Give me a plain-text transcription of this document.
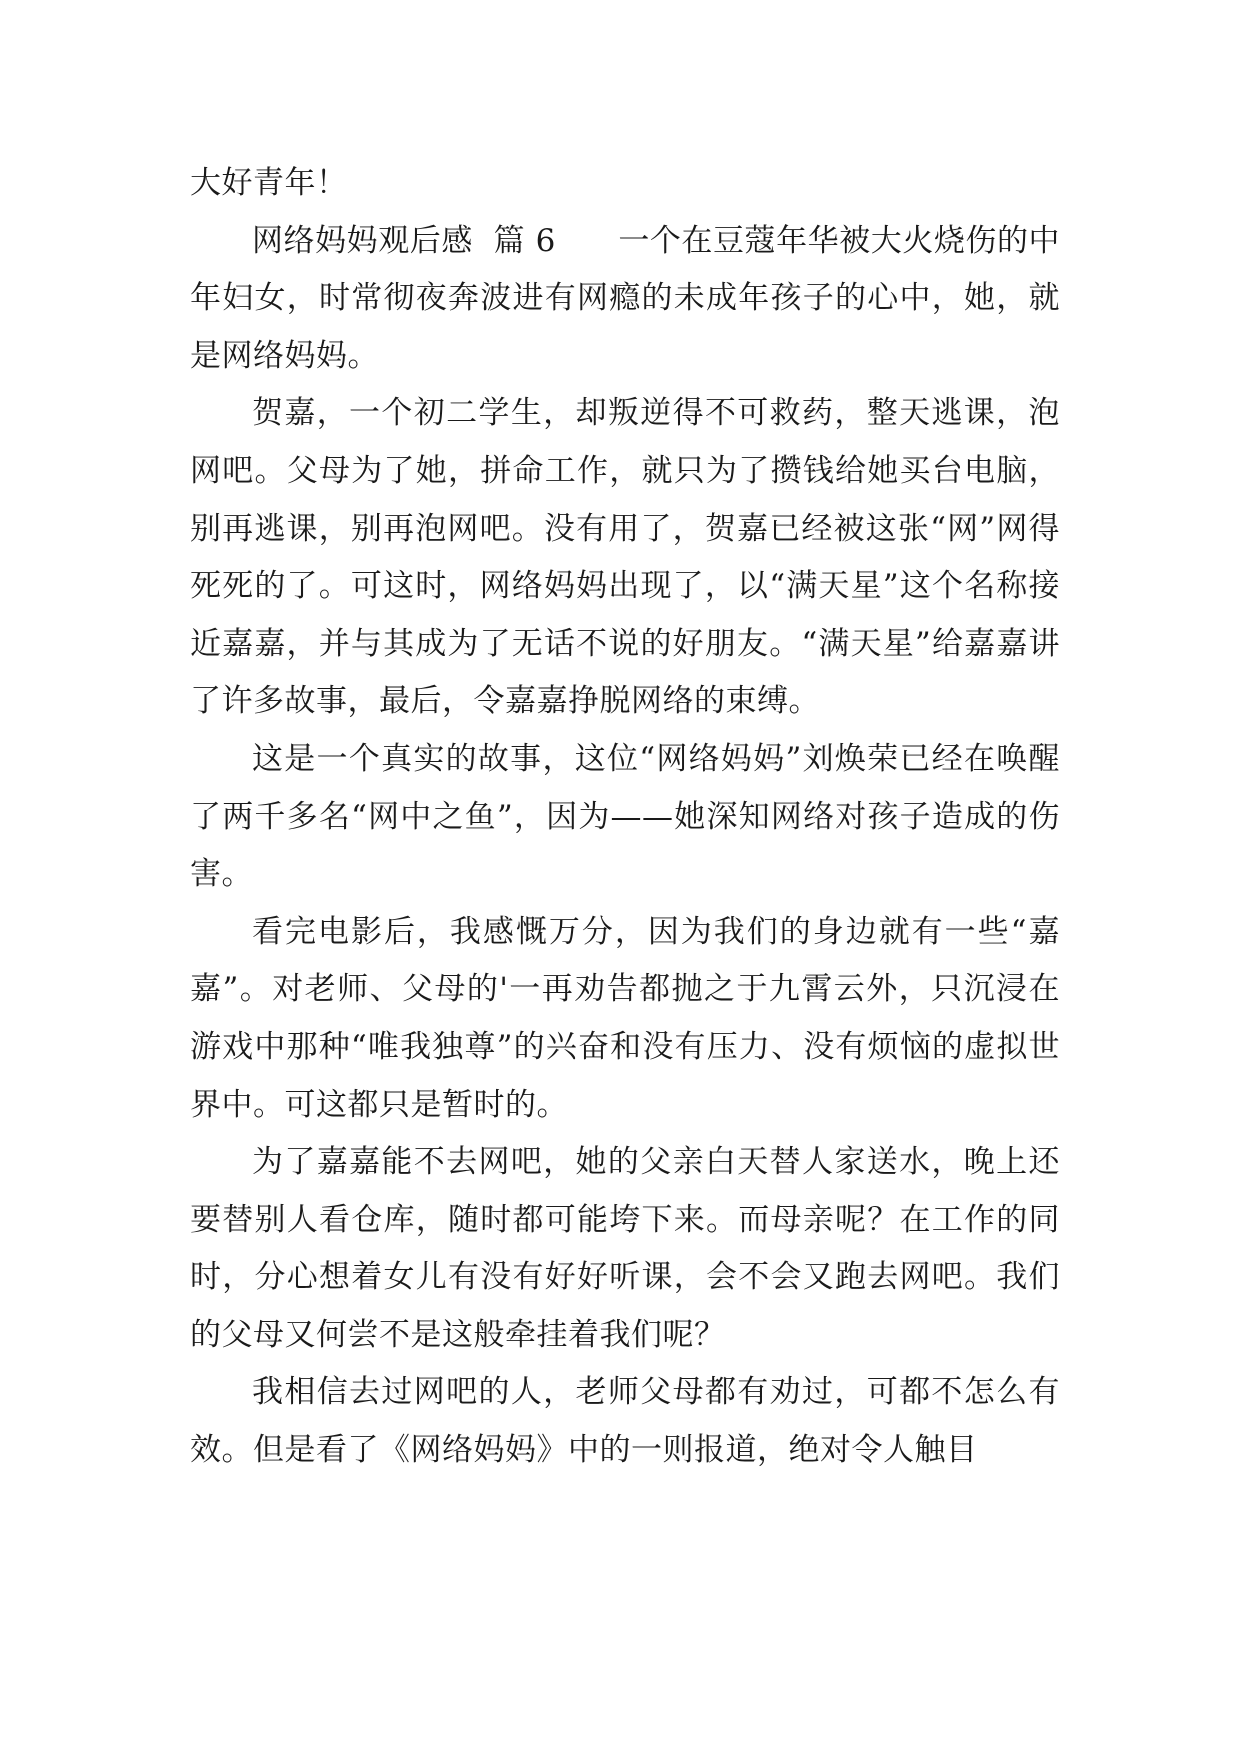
大好青年！

网络妈妈观后感  篇 6      一个在豆蔻年华被大火烧伤的中年妇女，时常彻夜奔波进有网瘾的未成年孩子的心中，她，就是网络妈妈。

贺嘉，一个初二学生，却叛逆得不可救药，整天逃课，泡网吧。父母为了她，拼命工作，就只为了攒钱给她买台电脑，别再逃课，别再泡网吧。没有用了，贺嘉已经被这张“网”网得死死的了。可这时，网络妈妈出现了，以“满天星”这个名称接近嘉嘉，并与其成为了无话不说的好朋友。“满天星”给嘉嘉讲了许多故事，最后，令嘉嘉挣脱网络的束缚。

这是一个真实的故事，这位“网络妈妈”刘焕荣已经在唤醒了两千多名“网中之鱼”，因为——她深知网络对孩子造成的伤害。

看完电影后，我感慨万分，因为我们的身边就有一些“嘉嘉”。对老师、父母的'一再劝告都抛之于九霄云外，只沉浸在游戏中那种“唯我独尊”的兴奋和没有压力、没有烦恼的虚拟世界中。可这都只是暂时的。

为了嘉嘉能不去网吧，她的父亲白天替人家送水，晚上还要替别人看仓库，随时都可能垮下来。而母亲呢？在工作的同时，分心想着女儿有没有好好听课，会不会又跑去网吧。我们的父母又何尝不是这般牵挂着我们呢？

我相信去过网吧的人，老师父母都有劝过，可都不怎么有效。但是看了《网络妈妈》中的一则报道，绝对令人触目
